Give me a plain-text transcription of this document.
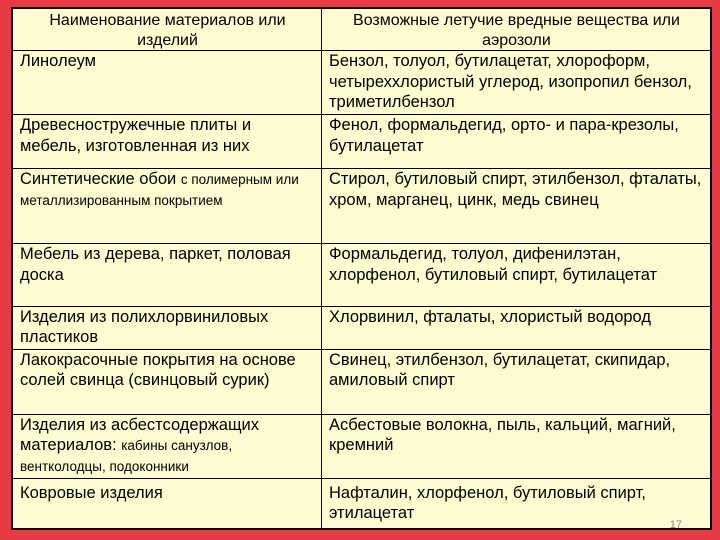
Наименование материалов или изделий	Возможные летучие вредные вещества или аэрозоли
Линолеум	Бензол, толуол, бутилацетат, хлороформ, четыреххлористый углерод, изопропил бензол, триметилбензол
Древесностружечные плиты и мебель, изготовленная из них	Фенол, формальдегид, орто- и пара-крезолы, бутилацетат
Синтетические обои с полимерным или металлизированным покрытием	Стирол, бутиловый спирт, этилбензол, фталаты, хром, марганец, цинк, медь свинец
Мебель из дерева, паркет, половая доска	Формальдегид, толуол, дифенилэтан, хлорфенол, бутиловый спирт, бутилацетат
Изделия из полихлорвиниловых пластиков	Хлорвинил, фталаты, хлористый водород
Лакокрасочные покрытия на основе солей свинца (свинцовый сурик)	Свинец, этилбензол, бутилацетат, скипидар, амиловый спирт
Изделия из асбестсодержащих материалов: кабины санузлов, вентколодцы, подоконники	Асбестовые волокна, пыль, кальций, магний, кремний
Ковровые изделия	Нафталин, хлорфенол, бутиловый спирт, этилацетат
17
